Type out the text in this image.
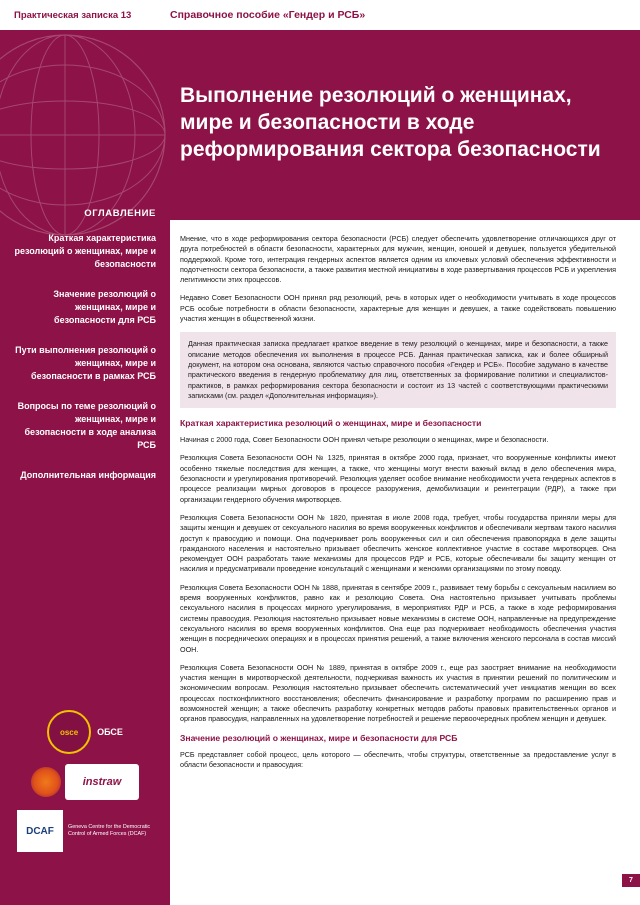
Практическая записка 13	Справочное пособие «Гендер и РСБ»
ОГЛАВЛЕНИЕ
Краткая характеристика резолюций о женщинах, мире и безопасности
Значение резолюций о женщинах, мире и безопасности для РСБ
Пути выполнения резолюций о женщинах, мире и безопасности в рамках РСБ
Вопросы по теме резолюций о женщинах, мире и безопасности в ходе анализа РСБ
Дополнительная информация
osce	ОБСЕ
instraw
DCAF	Geneva Centre for the Democratic Control of Armed Forces (DCAF)
Выполнение резолюций о женщинах, мире и безопасности в ходе реформирования сектора безопасности

Мнение, что в ходе реформирования сектора безопасности (РСБ) следует обеспечить удовлетворение отличающихся друг от друга потребностей в области безопасности, характерных для мужчин, женщин, юношей и девушек, пользуется убедительной поддержкой. Кроме того, интеграция гендерных аспектов является одним из ключевых условий обеспечения эффективности и подотчетности сектора безопасности, а также развития местной инициативы в ходе развертывания процессов РСБ и укрепления легитимности этих процессов.

Недавно Совет Безопасности ООН принял ряд резолюций, речь в которых идет о необходимости учитывать в ходе процессов РСБ особые потребности в области безопасности, характерные для женщин и девушек, а также содействовать повышению участия женщин в общественной жизни.

Данная практическая записка предлагает краткое введение в тему резолюций о женщинах, мире и безопасности, а также описание методов обеспечения их выполнения в процессе РСБ. Данная практическая записка, как и более обширный документ, на котором она основана, являются частью справочного пособия «Гендер и РСБ». Пособие задумано в качестве практического введения в гендерную проблематику для лиц, ответственных за формирование политики и специалистов-практиков, в рамках реформирования сектора безопасности и состоит из 13 частей с соответствующими практическими записками (см. раздел «Дополнительная информация»).
Краткая характеристика резолюций о женщинах, мире и безопасности

Начиная с 2000 года, Совет Безопасности ООН принял четыре резолюции о женщинах, мире и безопасности.

Резолюция Совета Безопасности ООН № 1325, принятая в октябре 2000 года, признает, что вооруженные конфликты имеют особенно тяжелые последствия для женщин, а также, что женщины могут внести важный вклад в дело обеспечения мира, безопасности и урегулирования противоречий. Резолюция уделяет особое внимание необходимости учета гендерных аспектов в процессе реализации мирных договоров в процессе разоружения, демобилизации и реинтеграции (РДР), а также при организации гендерного обучения миротворцев.

Резолюция Совета Безопасности ООН № 1820, принятая в июле 2008 года, требует, чтобы государства приняли меры для защиты женщин и девушек от сексуального насилия во время вооруженных конфликтов и обеспечивали жертвам такого насилия доступ к правосудию и помощи. Она подчеркивает роль вооруженных сил и сил обеспечения правопорядка в деле защиты гражданского населения и настоятельно призывает обеспечить женское коллективное участие в составе миротворцев. Она рекомендует ООН разработать такие механизмы для процессов РДР и РСБ, которые обеспечивали бы защиту женщин от насилия и предусматривали проведение консультаций с женщинами и женскими организациями по этому поводу.

Резолюция Совета Безопасности ООН № 1888, принятая в сентябре 2009 г., развивает тему борьбы с сексуальным насилием во время вооруженных конфликтов, равно как и резолюцию Совета. Она настоятельно призывает учитывать проблемы сексуального насилия в процессах мирного урегулирования, в мероприятиях РДР и РСБ, а также в ходе реформирования системы правосудия. Резолюция настоятельно призывает новые механизмы в системе ООН, направленные на предупреждение сексуального насилия во время вооруженных конфликтов. Она еще раз подчеркивает необходимость обеспечения участия женщин в посреднических операциях и в процессах принятия решений, а также включения женского персонала в состав миссий ООН.

Резолюция Совета Безопасности ООН № 1889, принятая в октябре 2009 г., еще раз заостряет внимание на необходимости участия женщин в миротворческой деятельности, подчеркивая важность их участия в принятии решений по политическим и экономическим вопросам. Резолюция настоятельно призывает обеспечить систематический учет инициатив женщин во всех процессах постконфликтного восстановления; обеспечить финансирование и разработку программ по расширению прав и возможностей женщин; а также обеспечить разработку конкретных методов работы правовых правительственных органов и органов правосудия, направленных на удовлетворение потребностей и решение первоочередных проблем женщин и девушек.

Значение резолюций о женщинах, мире и безопасности для РСБ

РСБ представляет собой процесс, цель которого — обеспечить, чтобы структуры, ответственные за предоставление услуг в области безопасности и правосудия:

7
